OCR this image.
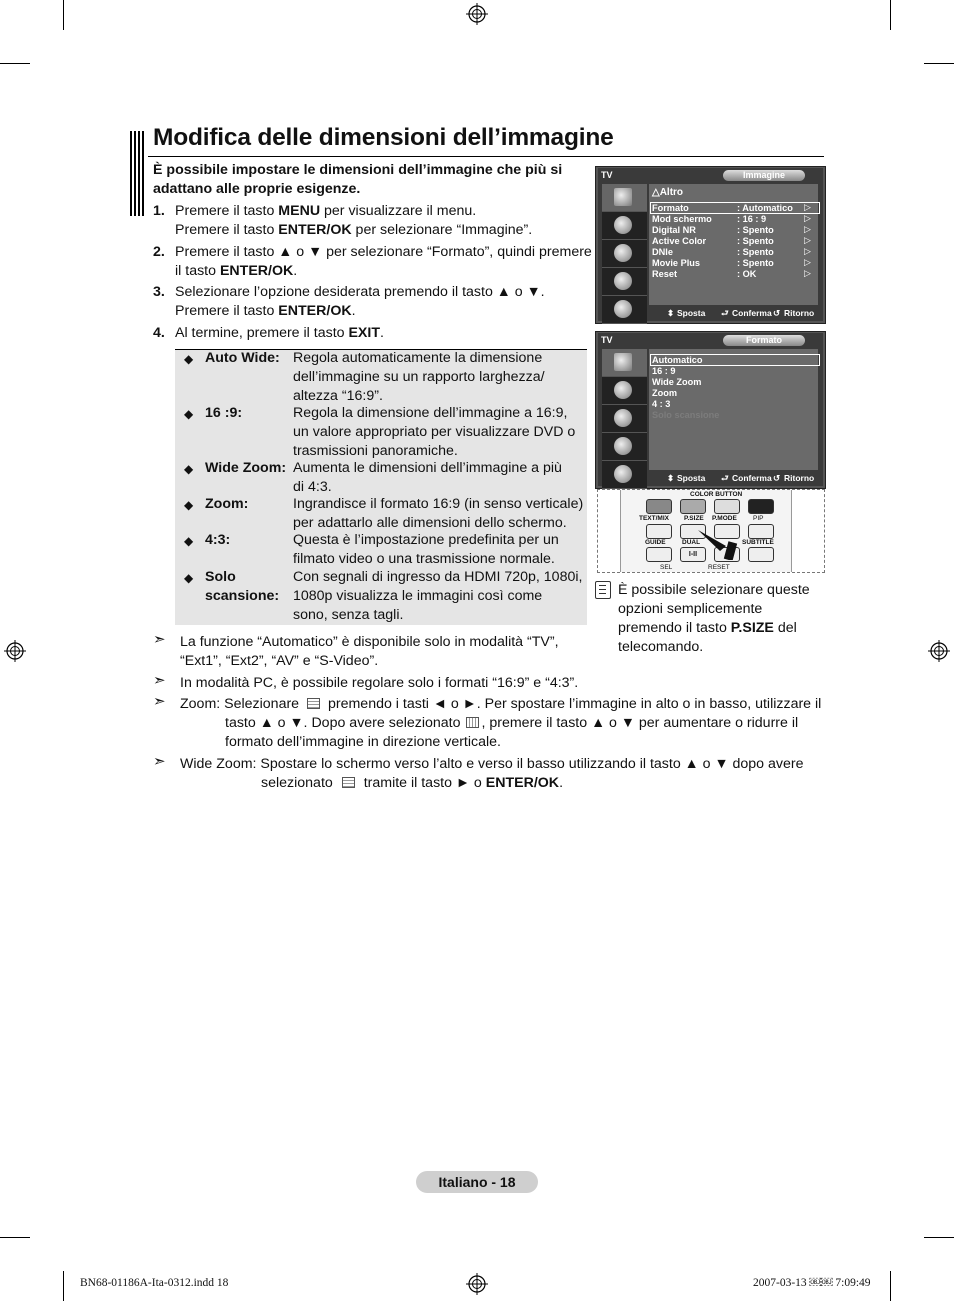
Modifica delle dimensioni dell’immagine
È possibile impostare le dimensioni dell’immagine che più si
adattano alle proprie esigenze.
1. Premere il tasto MENU per visualizzare il menu.
Premere il tasto ENTER/OK per selezionare “Immagine”.
2. Premere il tasto ▲ o ▼ per selezionare “Formato”, quindi premere
il tasto ENTER/OK.
3. Selezionare l’opzione desiderata premendo il tasto ▲ o ▼.
Premere il tasto ENTER/OK.
4. Al termine, premere il tasto EXIT.
◆ Auto Wide: Regola automaticamente la dimensione
dell’immagine su un rapporto larghezza/
altezza “16:9”.
◆ 16 :9:	Regola la dimensione dell’immagine a 16:9,
un valore appropriato per visualizzare DVD o
trasmissioni panoramiche.
◆ Wide Zoom: Aumenta le dimensioni dell’immagine a più
di 4:3.
◆ Zoom:	Ingrandisce il formato 16:9 (in senso verticale)
per adattarlo alle dimensioni dello schermo.
◆ 4:3:	Questa è l’impostazione predefinita per un
filmato video o una trasmissione normale.
◆ Solo
scansione:
Con segnali di ingresso da HDMI 720p, 1080i,
1080p visualizza le immagini così come
sono, senza tagli.
➣ La funzione “Automatico” è disponibile solo in modalità “TV”,
“Ext1”, “Ext2”, “AV” e “S-Video”.
➣ In modalità PC, è possibile regolare solo i formati “16:9” e “4:3”.
➣ Zoom: Selezionare premendo i tasti ◄ o ►. Per spostare l’immagine in alto o in basso, utilizzare il
tasto ▲ o ▼. Dopo avere selezionato , premere il tasto ▲ o ▼ per aumentare o ridurre il
formato dell’immagine in direzione verticale.
➣ Wide Zoom: Spostare lo schermo verso l’alto e verso il basso utilizzando il tasto ▲ o ▼ dopo avere
selezionato tramite il tasto ► o ENTER/OK.
TV	Immagine
△Altro
Formato	: Automatico ▷
Mod schermo	: 16 : 9	▷
Digital NR	: Spento	▷
Active Color	: Spento	▷
DNIe	: Spento	▷
Movie Plus	: Spento	▷
Reset	: OK	▷
⬍ Sposta ⮐ Conferma ↺ Ritorno
TV	Formato
Automatico
16 : 9
Wide Zoom
Zoom
4 : 3
Solo scansione
⬍ Sposta ⮐ Conferma ↺ Ritorno
COLOR BUTTON
TEXT/MIX P.SIZE P.MODE PIP
GUIDE	DUAL	SUBTITLE
I-II
SEL	RESET
È possibile selezionare queste
opzioni semplicemente
premendo il tasto P.SIZE del
telecomando.
Italiano - 18
BN68-01186A-Ita-0312.indd 18	2007-03-13 ￼￼ 7:09:49
